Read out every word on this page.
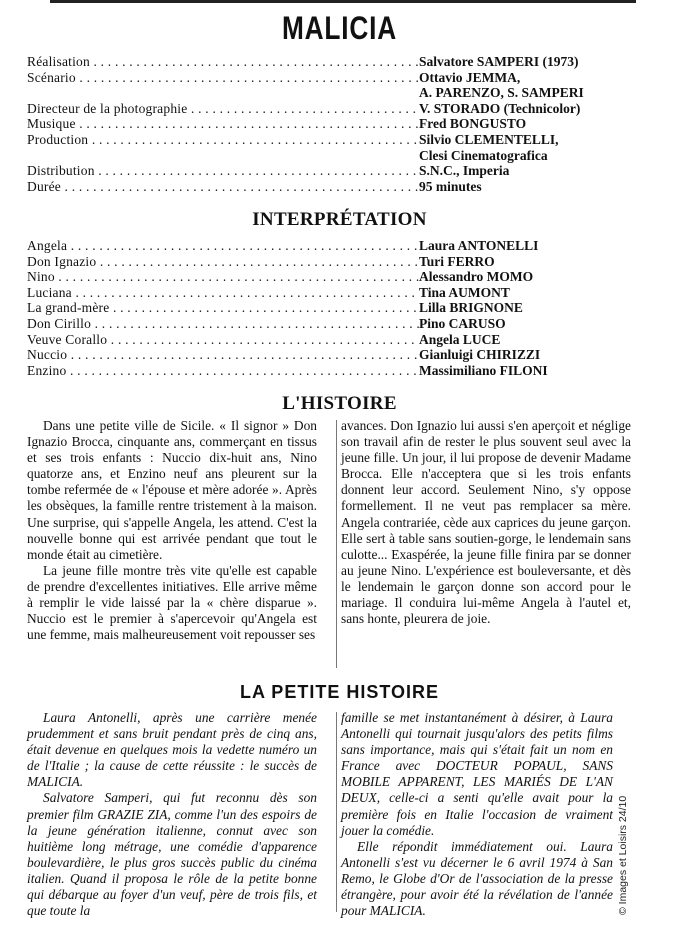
MALICIA
Réalisation . . .	Salvatore SAMPERI (1973)
Scénario . . .	Ottavio JEMMA,
A. PARENZO, S. SAMPERI
Directeur de la photographie . . .	V. STORADO (Technicolor)
Musique . . .	Fred BONGUSTO
Production . . .	Silvio CLEMENTELLI,
Clesi Cinematografica
Distribution . . .	S.N.C., Imperia
Durée . . .	95 minutes
INTERPRÉTATION
Angela . . .	Laura ANTONELLI
Don Ignazio . . .	Turi FERRO
Nino . . .	Alessandro MOMO
Luciana . . .	Tina AUMONT
La grand-mère . . .	Lilla BRIGNONE
Don Cirillo . . .	Pino CARUSO
Veuve Corallo . . .	Angela LUCE
Nuccio . . .	Gianluigi CHIRIZZI
Enzino . . .	Massimiliano FILONI
L'HISTOIRE

Dans une petite ville de Sicile. « Il signor » Don Ignazio Brocca, cinquante ans, commerçant en tissus et ses trois enfants : Nuccio dix-huit ans, Nino quatorze ans, et Enzino neuf ans pleurent sur la tombe refermée de « l'épouse et mère adorée ». Après les obsèques, la famille rentre tristement à la maison. Une surprise, qui s'appelle Angela, les attend. C'est la nouvelle bonne qui est arrivée pendant que tout le monde était au cimetière.

La jeune fille montre très vite qu'elle est capable de prendre d'excellentes initiatives. Elle arrive même à remplir le vide laissé par la « chère disparue ». Nuccio est le premier à s'apercevoir qu'Angela est une femme, mais malheureusement voit repousser ses

avances. Don Ignazio lui aussi s'en aperçoit et néglige son travail afin de rester le plus souvent seul avec la jeune fille. Un jour, il lui propose de devenir Madame Brocca. Elle n'acceptera que si les trois enfants donnent leur accord. Seulement Nino, s'y oppose formellement. Il ne veut pas remplacer sa mère. Angela contrariée, cède aux caprices du jeune garçon. Elle sert à table sans soutien-gorge, le lendemain sans culotte... Exaspérée, la jeune fille finira par se donner au jeune Nino. L'expérience est bouleversante, et dès le lendemain le garçon donne son accord pour le mariage. Il conduira lui-même Angela à l'autel et, sans honte, pleurera de joie.

LA PETITE HISTOIRE

Laura Antonelli, après une carrière menée prudemment et sans bruit pendant près de cinq ans, était devenue en quelques mois la vedette numéro un de l'Italie ; la cause de cette réussite : le succès de MALICIA.

Salvatore Samperi, qui fut reconnu dès son premier film GRAZIE ZIA, comme l'un des espoirs de la jeune génération italienne, connut avec son huitième long métrage, une comédie d'apparence boulevardière, le plus gros succès public du cinéma italien. Quand il proposa le rôle de la petite bonne qui débarque au foyer d'un veuf, père de trois fils, et que toute la

famille se met instantanément à désirer, à Laura Antonelli qui tournait jusqu'alors des petits films sans importance, mais qui s'était fait un nom en France avec DOCTEUR POPAUL, SANS MOBILE APPARENT, LES MARIÉS DE L'AN DEUX, celle-ci a senti qu'elle avait pour la première fois en Italie l'occasion de vraiment jouer la comédie.

Elle répondit immédiatement oui. Laura Antonelli s'est vu décerner le 6 avril 1974 à San Remo, le Globe d'Or de l'association de la presse étrangère, pour avoir été la révélation de l'année pour MALICIA.	© Images et Loisirs 24/10
